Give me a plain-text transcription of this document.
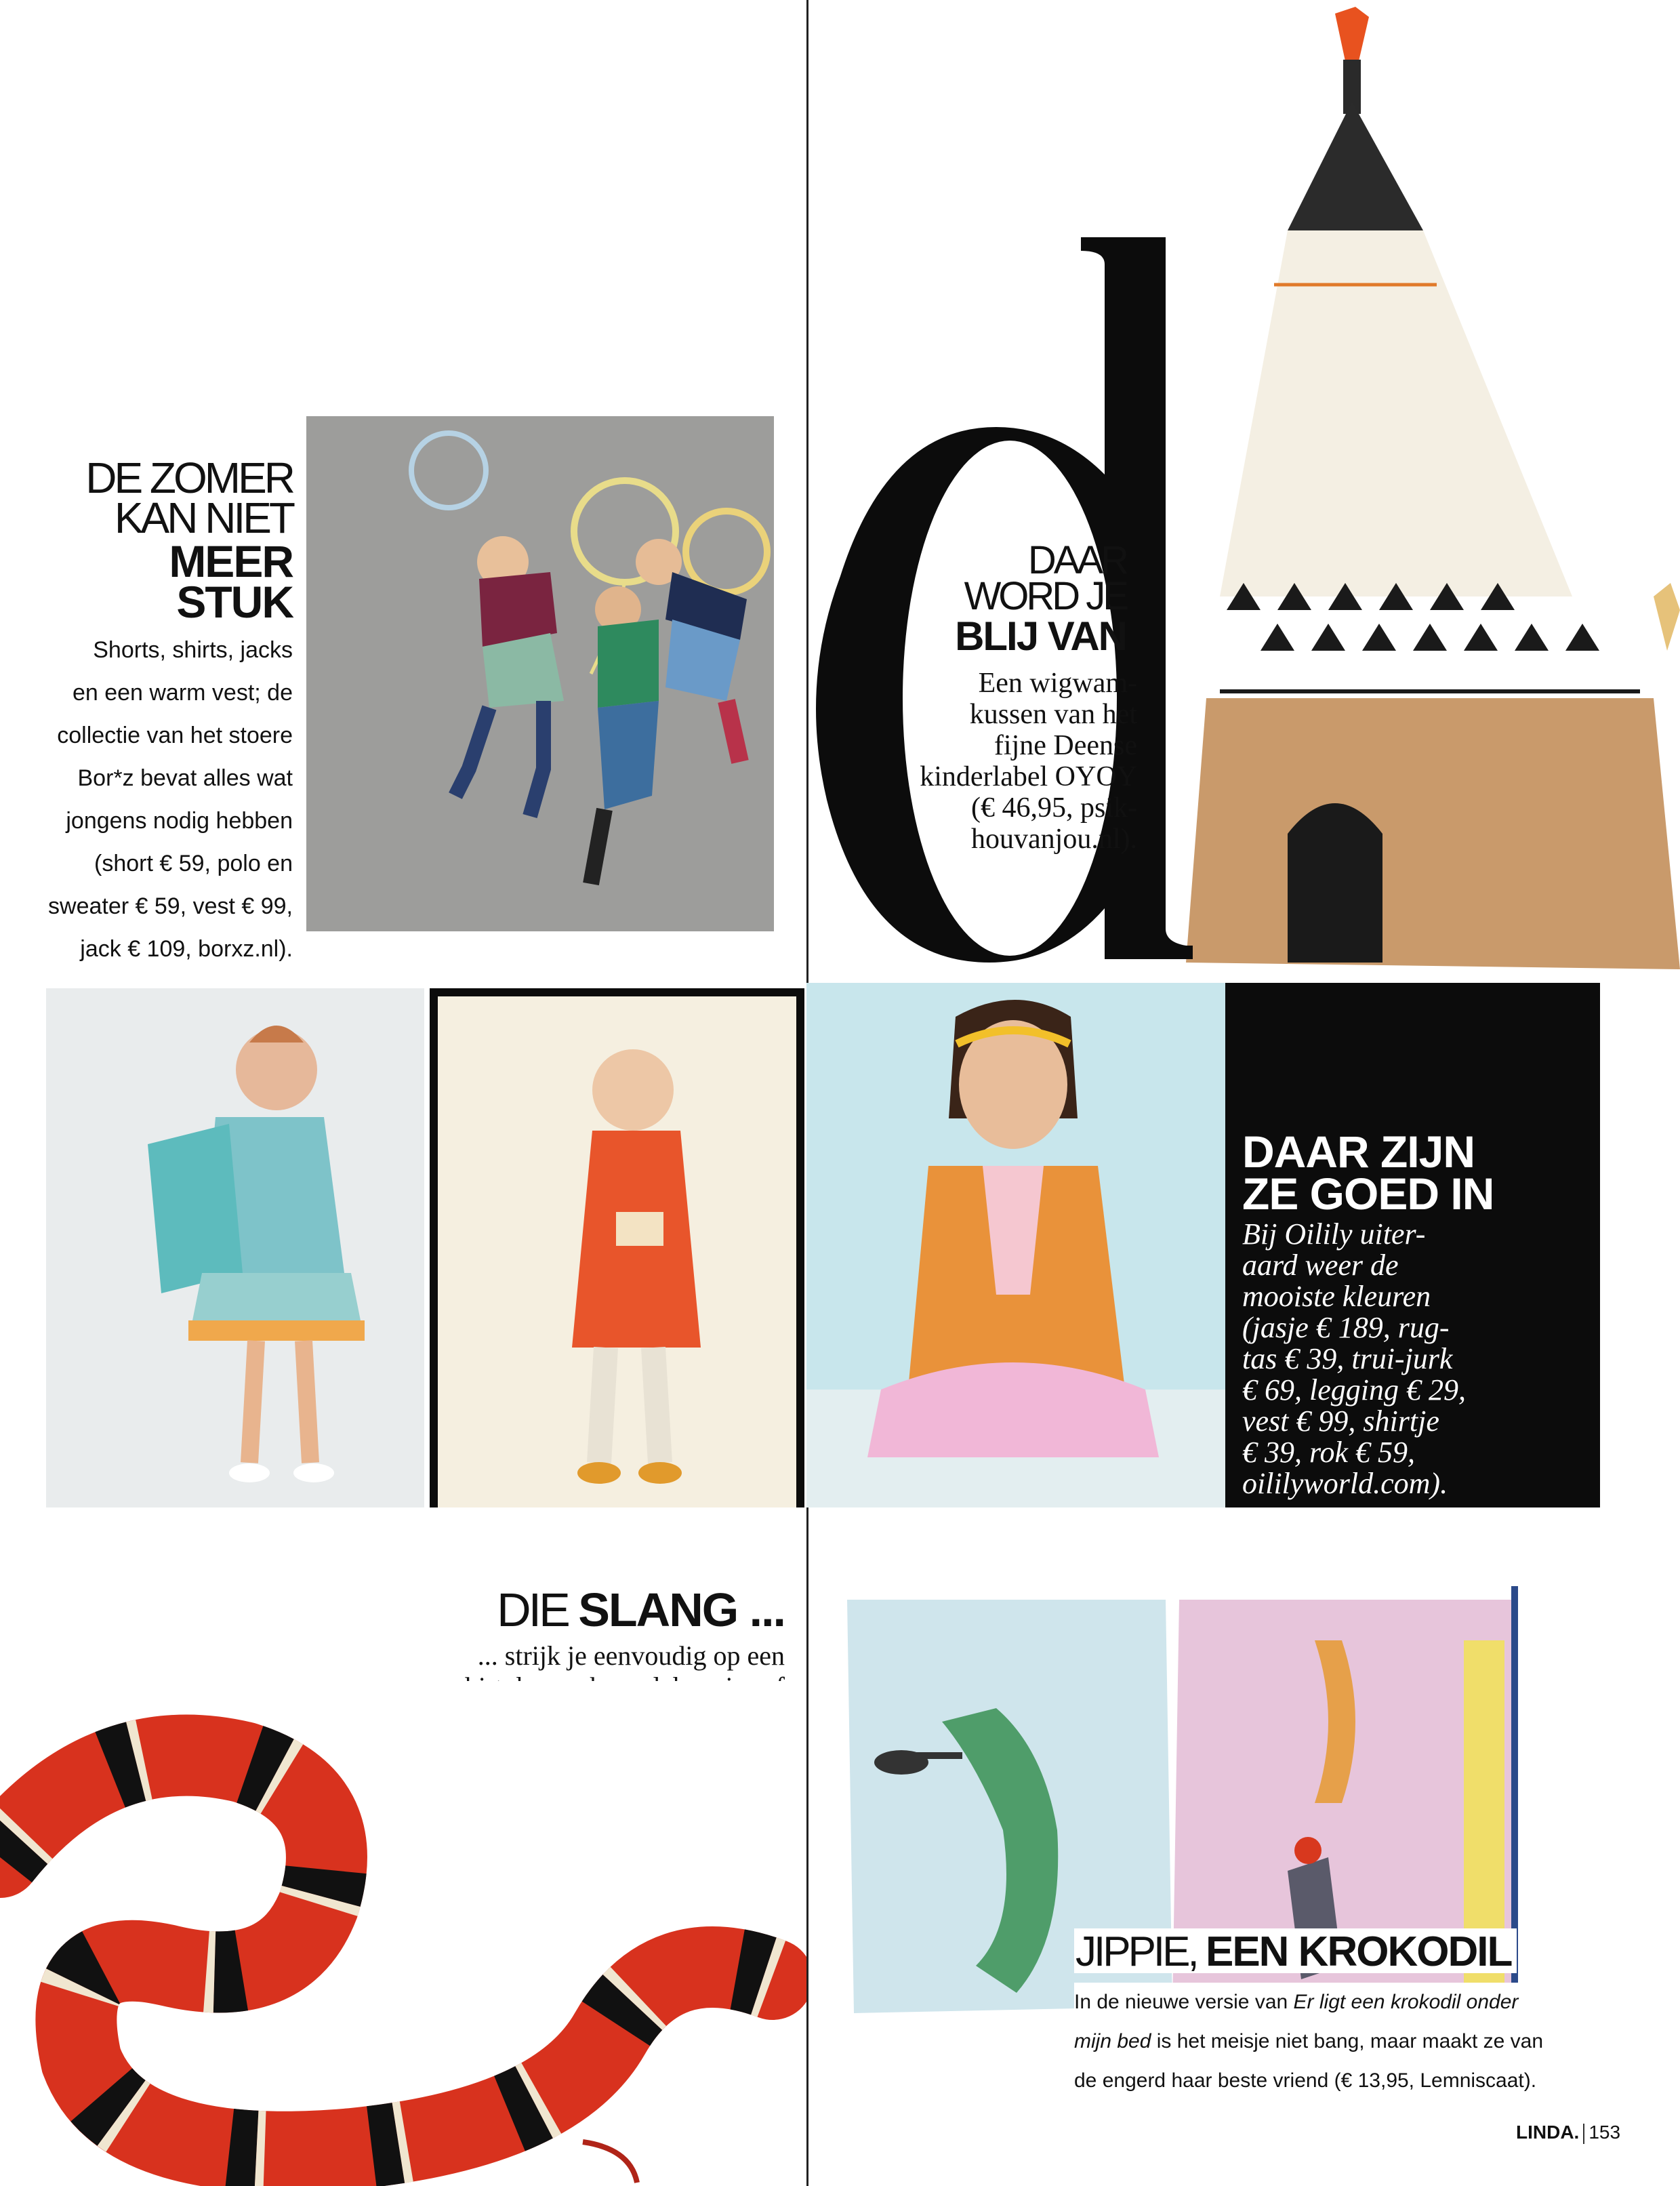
DAAR
WORD JE
BLIJ VAN
Een wigwam-
kussen van het
fijne Deense
kinderlabel OYOY
(€ 46,95, psik-
houvanjou.nl).
DE ZOMER
KAN NIET
MEER
STUK
Shorts, shirts, jacks
en een warm vest; de
collectie van het stoere
Bor*z bevat alles wat
jongens nodig hebben
(short € 59, polo en
sweater € 59, vest € 99,
jack € 109, borxz.nl).
DAAR ZIJN
ZE GOED IN
Bij Oilily uiter-
aard weer de
mooiste kleuren
(jasje € 189, rug-
tas € 39, trui-jurk
€ 69, legging € 29,
vest € 99, shirtje
€ 39, rok € 59,
oililyworld.com).
DIE SLANG ...
... strijk je eenvoudig op een
JIPPIE, EEN KROKODIL
In de nieuwe versie van Er ligt een krokodil onder
mijn bed is het meisje niet bang, maar maakt ze van
de engerd haar beste vriend (€ 13,95, Lemniscaat).
LINDA. 153
